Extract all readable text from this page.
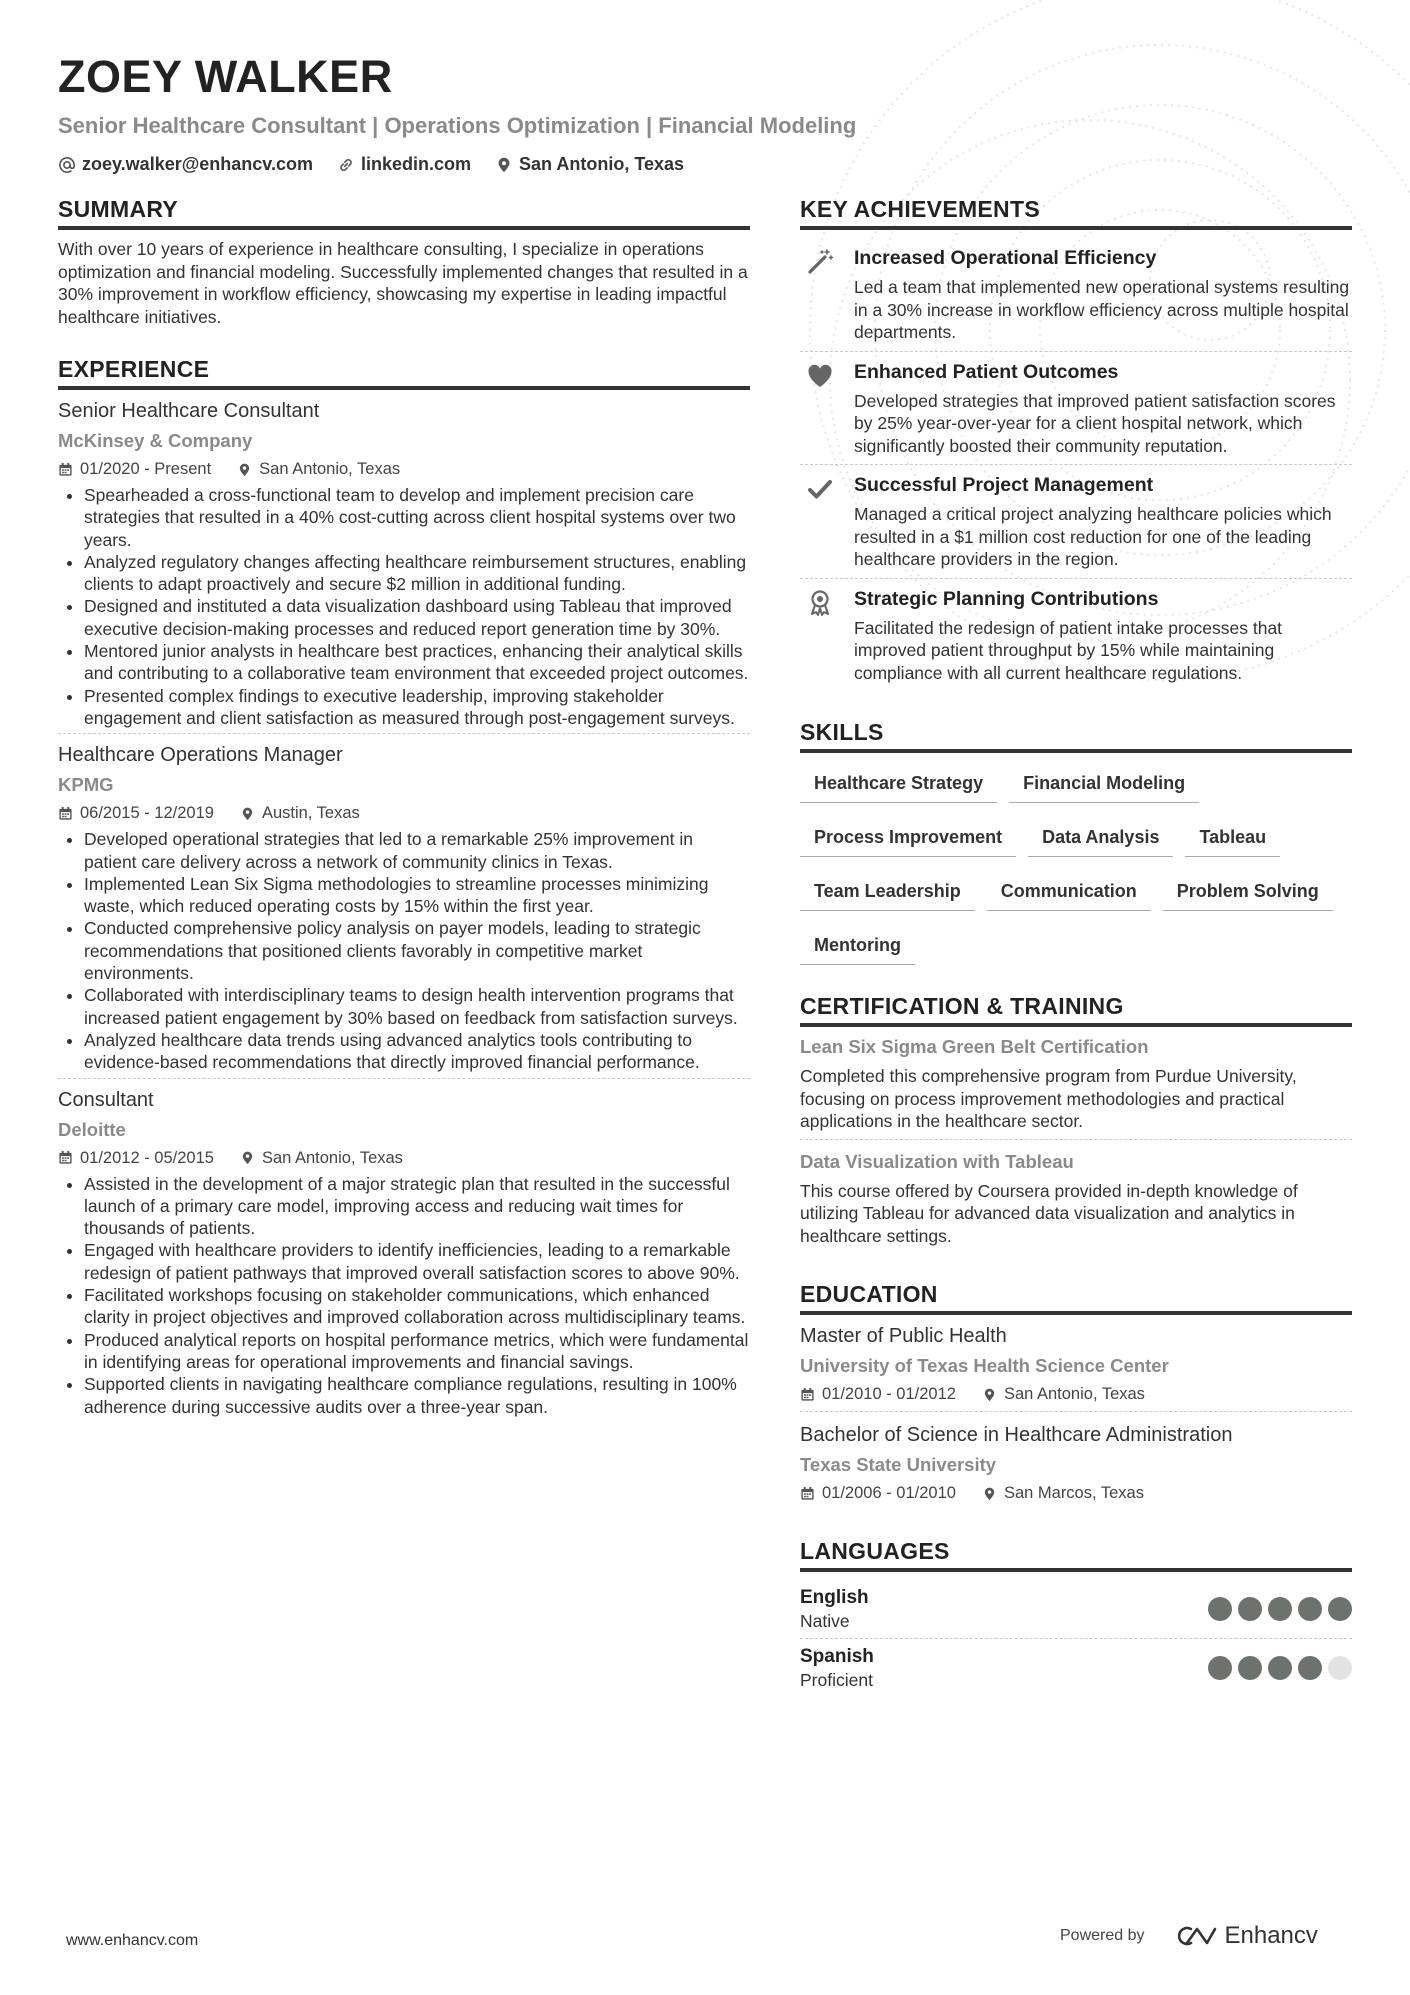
ZOEY WALKER
Senior Healthcare Consultant | Operations Optimization | Financial Modeling
zoey.walker@enhancv.com	linkedin.com	San Antonio, Texas
SUMMARY

With over 10 years of experience in healthcare consulting, I specialize in operations optimization and financial modeling. Successfully implemented changes that resulted in a 30% improvement in workflow efficiency, showcasing my expertise in leading impactful healthcare initiatives.

EXPERIENCE
Senior Healthcare Consultant
McKinsey & Company
01/2020 - Present	San Antonio, Texas
• Spearheaded a cross-functional team to develop and implement precision care strategies that resulted in a 40% cost-cutting across client hospital systems over two years.
• Analyzed regulatory changes affecting healthcare reimbursement structures, enabling clients to adapt proactively and secure $2 million in additional funding.
• Designed and instituted a data visualization dashboard using Tableau that improved executive decision-making processes and reduced report generation time by 30%.
• Mentored junior analysts in healthcare best practices, enhancing their analytical skills and contributing to a collaborative team environment that exceeded project outcomes.
• Presented complex findings to executive leadership, improving stakeholder engagement and client satisfaction as measured through post-engagement surveys.
Healthcare Operations Manager
KPMG
06/2015 - 12/2019	Austin, Texas
• Developed operational strategies that led to a remarkable 25% improvement in patient care delivery across a network of community clinics in Texas.
• Implemented Lean Six Sigma methodologies to streamline processes minimizing waste, which reduced operating costs by 15% within the first year.
• Conducted comprehensive policy analysis on payer models, leading to strategic recommendations that positioned clients favorably in competitive market environments.
• Collaborated with interdisciplinary teams to design health intervention programs that increased patient engagement by 30% based on feedback from satisfaction surveys.
• Analyzed healthcare data trends using advanced analytics tools contributing to evidence-based recommendations that directly improved financial performance.
Consultant
Deloitte
01/2012 - 05/2015	San Antonio, Texas
• Assisted in the development of a major strategic plan that resulted in the successful launch of a primary care model, improving access and reducing wait times for thousands of patients.
• Engaged with healthcare providers to identify inefficiencies, leading to a remarkable redesign of patient pathways that improved overall satisfaction scores to above 90%.
• Facilitated workshops focusing on stakeholder communications, which enhanced clarity in project objectives and improved collaboration across multidisciplinary teams.
• Produced analytical reports on hospital performance metrics, which were fundamental in identifying areas for operational improvements and financial savings.
• Supported clients in navigating healthcare compliance regulations, resulting in 100% adherence during successive audits over a three-year span.
KEY ACHIEVEMENTS
Increased Operational Efficiency
Led a team that implemented new operational systems resulting in a 30% increase in workflow efficiency across multiple hospital departments.
Enhanced Patient Outcomes
Developed strategies that improved patient satisfaction scores by 25% year-over-year for a client hospital network, which significantly boosted their community reputation.
Successful Project Management
Managed a critical project analyzing healthcare policies which resulted in a $1 million cost reduction for one of the leading healthcare providers in the region.
Strategic Planning Contributions
Facilitated the redesign of patient intake processes that improved patient throughput by 15% while maintaining compliance with all current healthcare regulations.
SKILLS
Healthcare Strategy	Financial Modeling
Process Improvement	Data Analysis	Tableau
Team Leadership	Communication	Problem Solving
Mentoring
CERTIFICATION & TRAINING
Lean Six Sigma Green Belt Certification
Completed this comprehensive program from Purdue University, focusing on process improvement methodologies and practical applications in the healthcare sector.
Data Visualization with Tableau
This course offered by Coursera provided in-depth knowledge of utilizing Tableau for advanced data visualization and analytics in healthcare settings.
EDUCATION
Master of Public Health
University of Texas Health Science Center
01/2010 - 01/2012	San Antonio, Texas
Bachelor of Science in Healthcare Administration
Texas State University
01/2006 - 01/2010	San Marcos, Texas
LANGUAGES
English
Native
Spanish
Proficient
www.enhancv.com	Powered by	Enhancv
